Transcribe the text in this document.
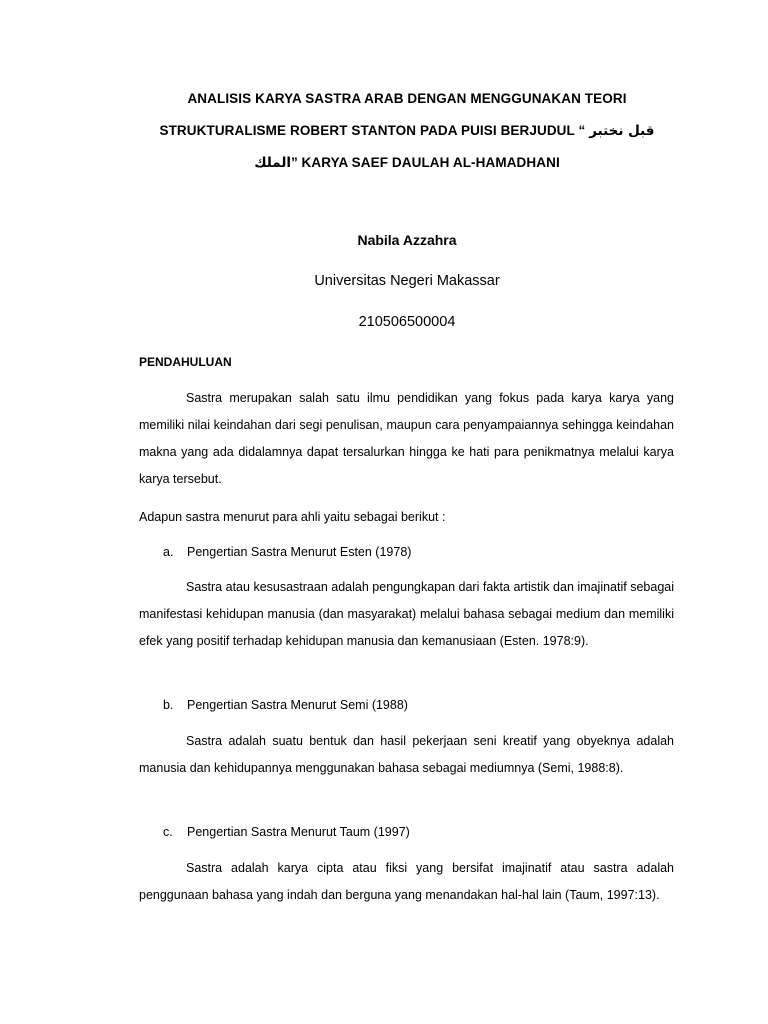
ANALISIS KARYA SASTRA ARAB DENGAN MENGGUNAKAN TEORI
STRUKTURALISME ROBERT STANTON PADA PUISI BERJUDUL “ قبل نختبر
الملك” KARYA SAEF DAULAH AL-HAMADHANI
Nabila Azzahra
Universitas Negeri Makassar
210506500004
PENDAHULUAN

Sastra merupakan salah satu ilmu pendidikan yang fokus pada karya karya yang memiliki nilai keindahan dari segi penulisan, maupun cara penyampaiannya sehingga keindahan makna yang ada didalamnya dapat tersalurkan hingga ke hati para penikmatnya melalui karya karya tersebut.

Adapun sastra menurut para ahli yaitu sebagai berikut :

a. Pengertian Sastra Menurut Esten (1978)

Sastra atau kesusastraan adalah pengungkapan dari fakta artistik dan imajinatif sebagai manifestasi kehidupan manusia (dan masyarakat) melalui bahasa sebagai medium dan memiliki efek yang positif terhadap kehidupan manusia dan kemanusiaan (Esten. 1978:9).

b. Pengertian Sastra Menurut Semi (1988)

Sastra adalah suatu bentuk dan hasil pekerjaan seni kreatif yang obyeknya adalah manusia dan kehidupannya menggunakan bahasa sebagai mediumnya (Semi, 1988:8).

c. Pengertian Sastra Menurut Taum (1997)

Sastra adalah karya cipta atau fiksi yang bersifat imajinatif atau sastra adalah penggunaan bahasa yang indah dan berguna yang menandakan hal-hal lain (Taum, 1997:13).
